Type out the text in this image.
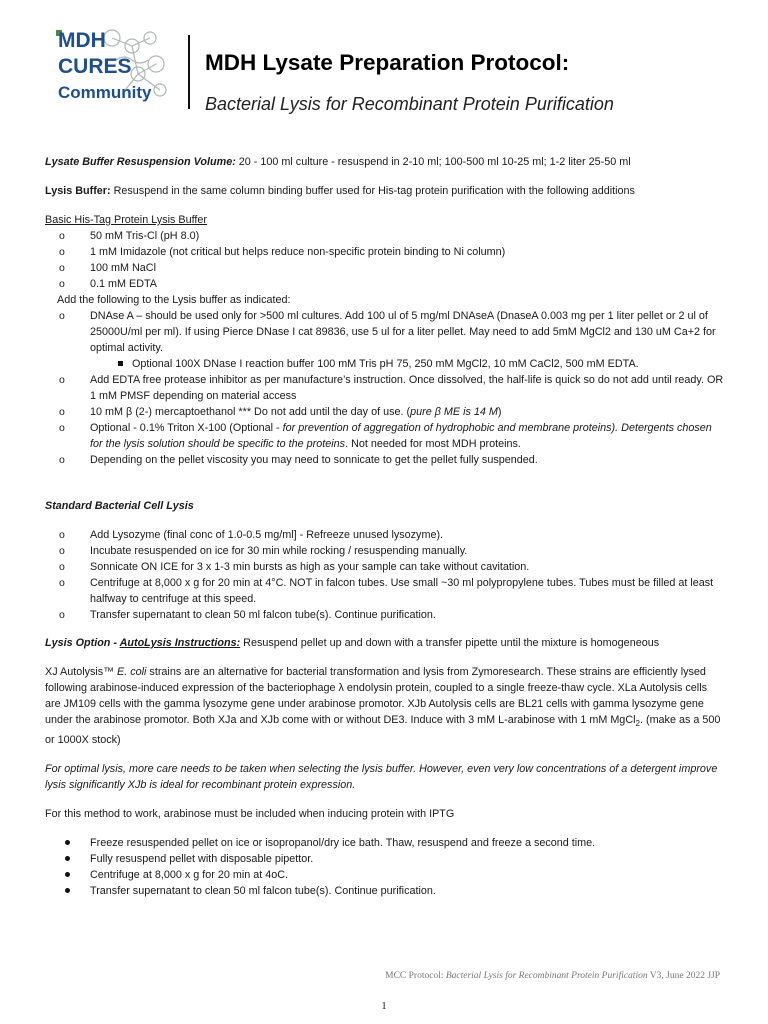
MDH
CURES
Community
MDH Lysate Preparation Protocol:
Bacterial Lysis for Recombinant Protein Purification

Lysate Buffer Resuspension Volume: 20 - 100 ml culture - resuspend in 2-10 ml; 100-500 ml 10-25 ml; 1-2 liter 25-50 ml

Lysis Buffer: Resuspend in the same column binding buffer used for His-tag protein purification with the following additions

Basic His-Tag Protein Lysis Buffer

o 50 mM Tris-Cl (pH 8.0)
o 1 mM Imidazole (not critical but helps reduce non-specific protein binding to Ni column)
o 100 mM NaCl
o 0.1 mM EDTA

Add the following to the Lysis buffer as indicated:

o DNAse A – should be used only for >500 ml cultures. Add 100 ul of 5 mg/ml DNAseA (DnaseA 0.003 mg per 1 liter pellet or 2 ul of 25000U/ml per ml). If using Pierce DNase I cat 89836, use 5 ul for a liter pellet. May need to add 5mM MgCl2 and 130 uM Ca+2 for optimal activity.
Optional 100X DNase I reaction buffer 100 mM Tris pH 75, 250 mM MgCl2, 10 mM CaCl2, 500 mM EDTA.
o Add EDTA free protease inhibitor as per manufacture’s instruction. Once dissolved, the half-life is quick so do not add until ready. OR 1 mM PMSF depending on material access
o 10 mM β (2-) mercaptoethanol *** Do not add until the day of use. (pure β ME is 14 M)
o Optional - 0.1% Triton X-100 (Optional - for prevention of aggregation of hydrophobic and membrane proteins). Detergents chosen for the lysis solution should be specific to the proteins. Not needed for most MDH proteins.
o Depending on the pellet viscosity you may need to sonnicate to get the pellet fully suspended.

Standard Bacterial Cell Lysis

o Add Lysozyme (final conc of 1.0-0.5 mg/ml] - Refreeze unused lysozyme).
o Incubate resuspended on ice for 30 min while rocking / resuspending manually.
o Sonnicate ON ICE for 3 x 1-3 min bursts as high as your sample can take without cavitation.
o Centrifuge at 8,000 x g for 20 min at 4°C. NOT in falcon tubes. Use small ~30 ml polypropylene tubes. Tubes must be filled at least halfway to centrifuge at this speed.
o Transfer supernatant to clean 50 ml falcon tube(s). Continue purification.

Lysis Option - AutoLysis Instructions: Resuspend pellet up and down with a transfer pipette until the mixture is homogeneous

XJ Autolysis™ E. coli strains are an alternative for bacterial transformation and lysis from Zymoresearch. These strains are efficiently lysed following arabinose-induced expression of the bacteriophage λ endolysin protein, coupled to a single freeze-thaw cycle. XLa Autolysis cells are JM109 cells with the gamma lysozyme gene under arabinose promotor. XJb Autolysis cells are BL21 cells with gamma lysozyme gene under the arabinose promotor. Both XJa and XJb come with or without DE3. Induce with 3 mM L-arabinose with 1 mM MgCl$_2$. (make as a 500 or 1000X stock)

For optimal lysis, more care needs to be taken when selecting the lysis buffer. However, even very low concentrations of a detergent improve lysis significantly XJb is ideal for recombinant protein expression.

For this method to work, arabinose must be included when inducing protein with IPTG

Freeze resuspended pellet on ice or isopropanol/dry ice bath. Thaw, resuspend and freeze a second time.
Fully resuspend pellet with disposable pipettor.
Centrifuge at 8,000 x g for 20 min at 4oC.
Transfer supernatant to clean 50 ml falcon tube(s). Continue purification.
MCC Protocol: Bacterial Lysis for Recombinant Protein Purification V3, June 2022 JJP
1
